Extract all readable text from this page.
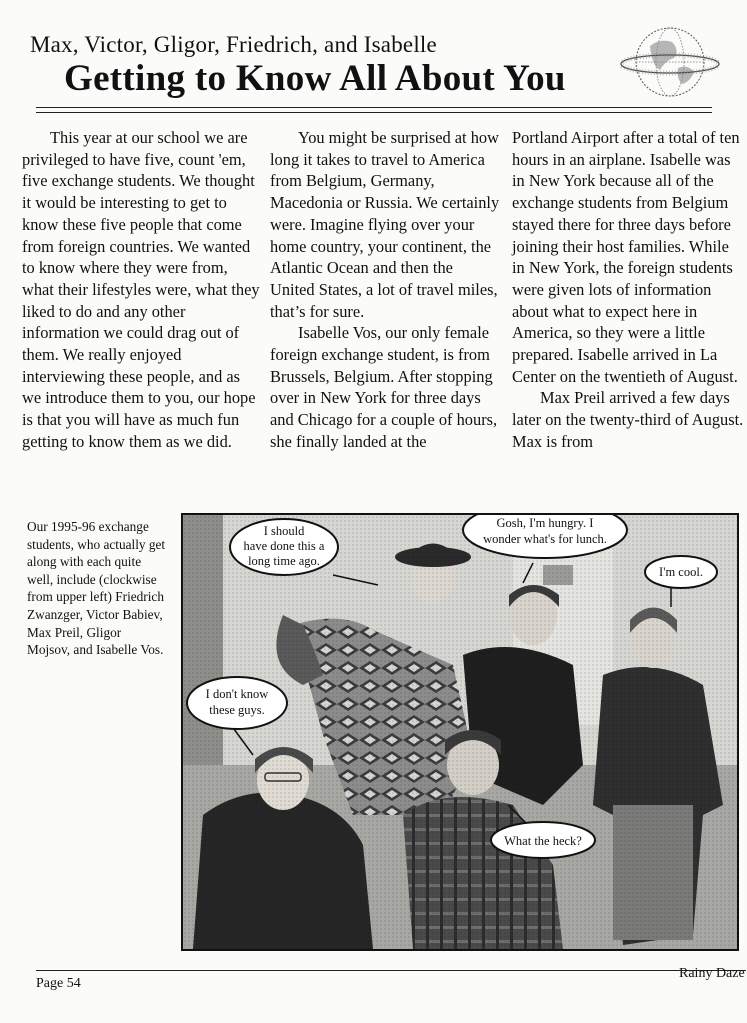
Max, Victor, Gligor, Friedrich, and Isabelle
Getting to Know All About You

This year at our school we are privileged to have five, count 'em, five exchange students. We thought it would be interesting to get to know these five people that come from foreign countries. We wanted to know where they were from, what their lifestyles were, what they liked to do and any other information we could drag out of them. We really enjoyed interviewing these people, and as we introduce them to you, our hope is that you will have as much fun getting to know them as we did.

You might be surprised at how long it takes to travel to America from Belgium, Germany, Macedonia or Russia. We certainly were. Imagine flying over your home country, your continent, the Atlantic Ocean and then the United States, a lot of travel miles, that’s for sure.

Isabelle Vos, our only female foreign exchange student, is from Brussels, Belgium. After stopping over in New York for three days and Chicago for a couple of hours, she finally landed at the

Portland Airport after a total of ten hours in an airplane. Isabelle was in New York because all of the exchange students from Belgium stayed there for three days before joining their host families. While in New York, the foreign students were given lots of information about what to expect here in America, so they were a little prepared. Isabelle arrived in La Center on the twentieth of August.

Max Preil arrived a few days later on the twenty-third of August. Max is from

Our 1995-96 exchange students, who actually get along with each quite well, include (clockwise from upper left) Friedrich Zwanzger, Victor Babiev, Max Preil, Gligor Mojsov, and Isabelle Vos.
I should
have done this a
long time ago.
Gosh, I'm hungry. I
wonder what's for lunch.
I'm cool.
I don't know
these guys.
What the heck?
Page 54
Rainy Daze
